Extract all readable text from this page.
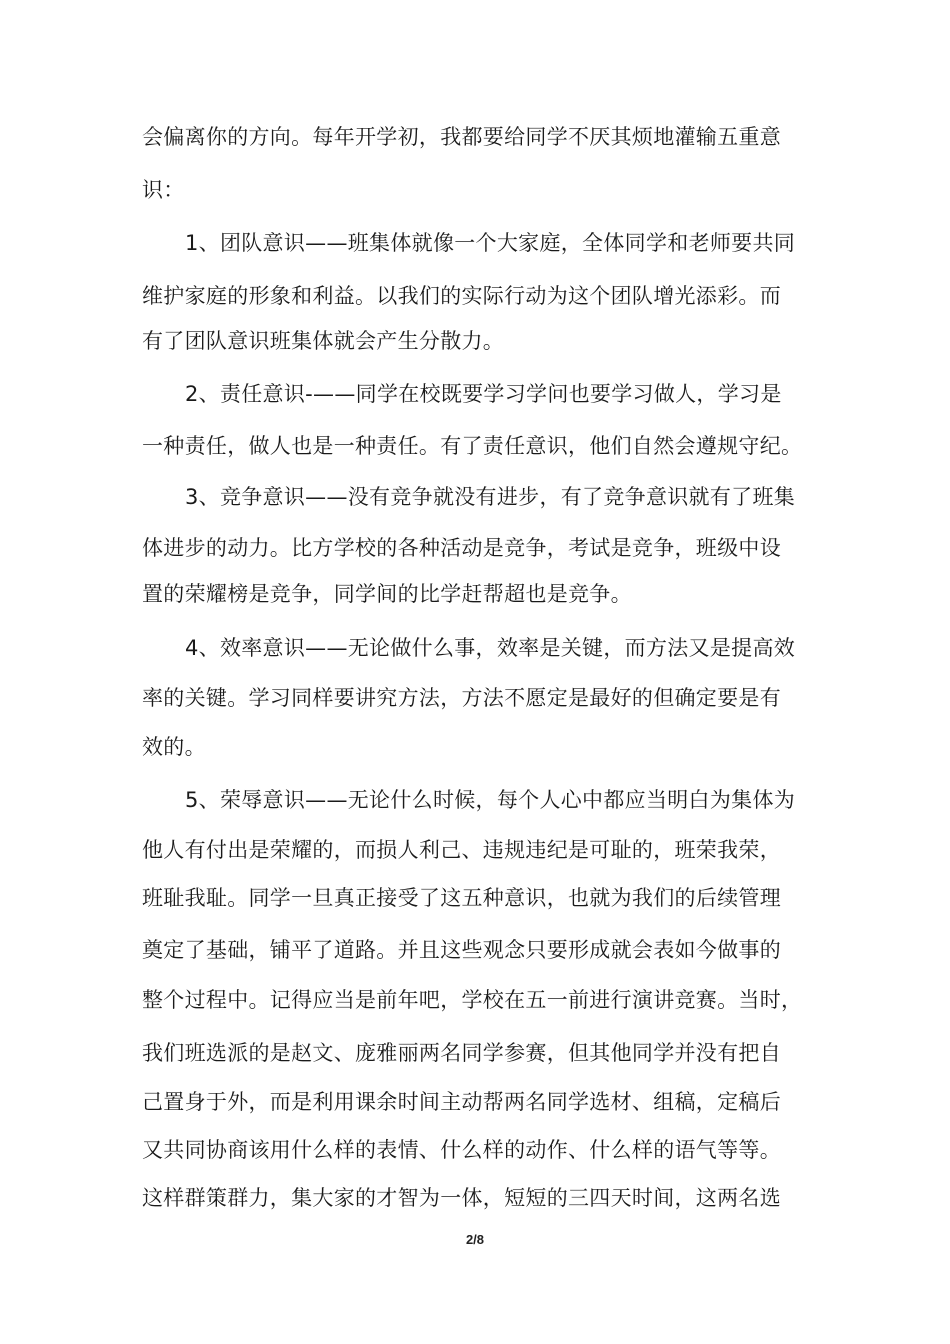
会偏离你的方向。每年开学初，我都要给同学不厌其烦地灌输五重意
识：
1、团队意识——班集体就像一个大家庭，全体同学和老师要共同
维护家庭的形象和利益。以我们的实际行动为这个团队增光添彩。而
有了团队意识班集体就会产生分散力。
2、责任意识-——同学在校既要学习学问也要学习做人，学习是
一种责任，做人也是一种责任。有了责任意识，他们自然会遵规守纪。
3、竞争意识——没有竞争就没有进步，有了竞争意识就有了班集
体进步的动力。比方学校的各种活动是竞争，考试是竞争，班级中设
置的荣耀榜是竞争，同学间的比学赶帮超也是竞争。
4、效率意识——无论做什么事，效率是关键，而方法又是提高效
率的关键。学习同样要讲究方法，方法不愿定是最好的但确定要是有
效的。
5、荣辱意识——无论什么时候，每个人心中都应当明白为集体为
他人有付出是荣耀的，而损人利己、违规违纪是可耻的，班荣我荣，
班耻我耻。同学一旦真正接受了这五种意识，也就为我们的后续管理
奠定了基础，铺平了道路。并且这些观念只要形成就会表如今做事的
整个过程中。记得应当是前年吧，学校在五一前进行演讲竞赛。当时，
我们班选派的是赵文、庞雅丽两名同学参赛，但其他同学并没有把自
己置身于外，而是利用课余时间主动帮两名同学选材、组稿，定稿后
又共同协商该用什么样的表情、什么样的动作、什么样的语气等等。
这样群策群力，集大家的才智为一体，短短的三四天时间，这两名选
2/8
